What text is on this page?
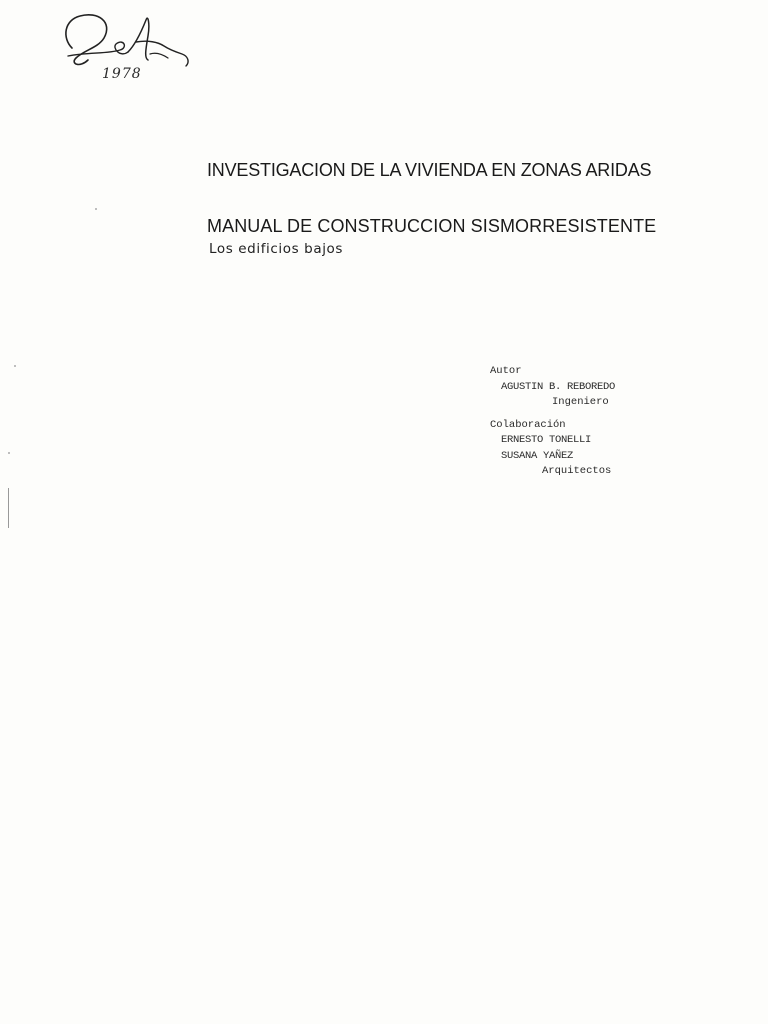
1978
INVESTIGACION DE LA VIVIENDA EN ZONAS ARIDAS
MANUAL DE CONSTRUCCION SISMORRESISTENTE
Los edificios bajos
Autor
AGUSTIN B. REBOREDO
Ingeniero
Colaboración
ERNESTO TONELLI
SUSANA YAÑEZ
Arquitectos
